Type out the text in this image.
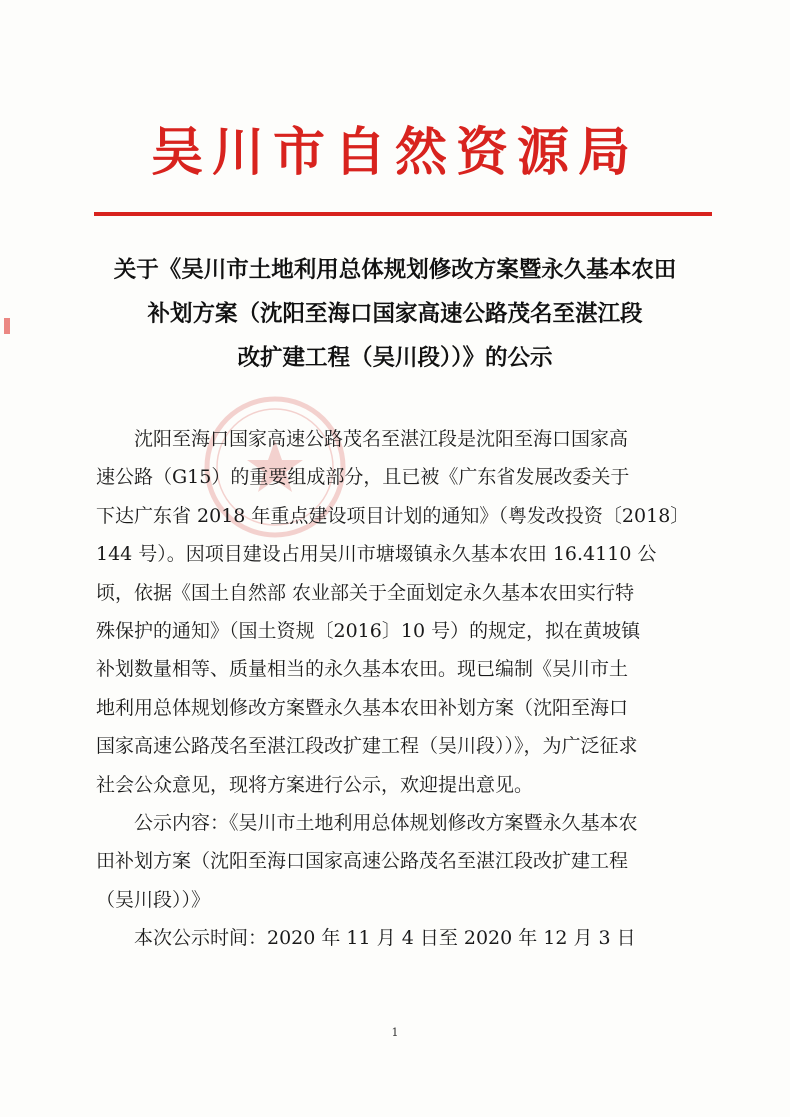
吴川市自然资源局
关于《吴川市土地利用总体规划修改方案暨永久基本农田
补划方案（沈阳至海口国家高速公路茂名至湛江段
改扩建工程（吴川段））》的公示
沈阳至海口国家高速公路茂名至湛江段是沈阳至海口国家高
速公路（G15）的重要组成部分，且已被《广东省发展改委关于
下达广东省 2018 年重点建设项目计划的通知》（粤发改投资〔2018〕
144 号）。因项目建设占用吴川市塘㙍镇永久基本农田 16.4110 公
顷，依据《国土自然部 农业部关于全面划定永久基本农田实行特
殊保护的通知》（国土资规〔2016〕10 号）的规定，拟在黄坡镇
补划数量相等、质量相当的永久基本农田。现已编制《吴川市土
地利用总体规划修改方案暨永久基本农田补划方案（沈阳至海口
国家高速公路茂名至湛江段改扩建工程（吴川段））》，为广泛征求
社会公众意见，现将方案进行公示，欢迎提出意见。
公示内容：《吴川市土地利用总体规划修改方案暨永久基本农
田补划方案（沈阳至海口国家高速公路茂名至湛江段改扩建工程
（吴川段））》
本次公示时间：2020 年 11 月 4 日至 2020 年 12 月 3 日
1
